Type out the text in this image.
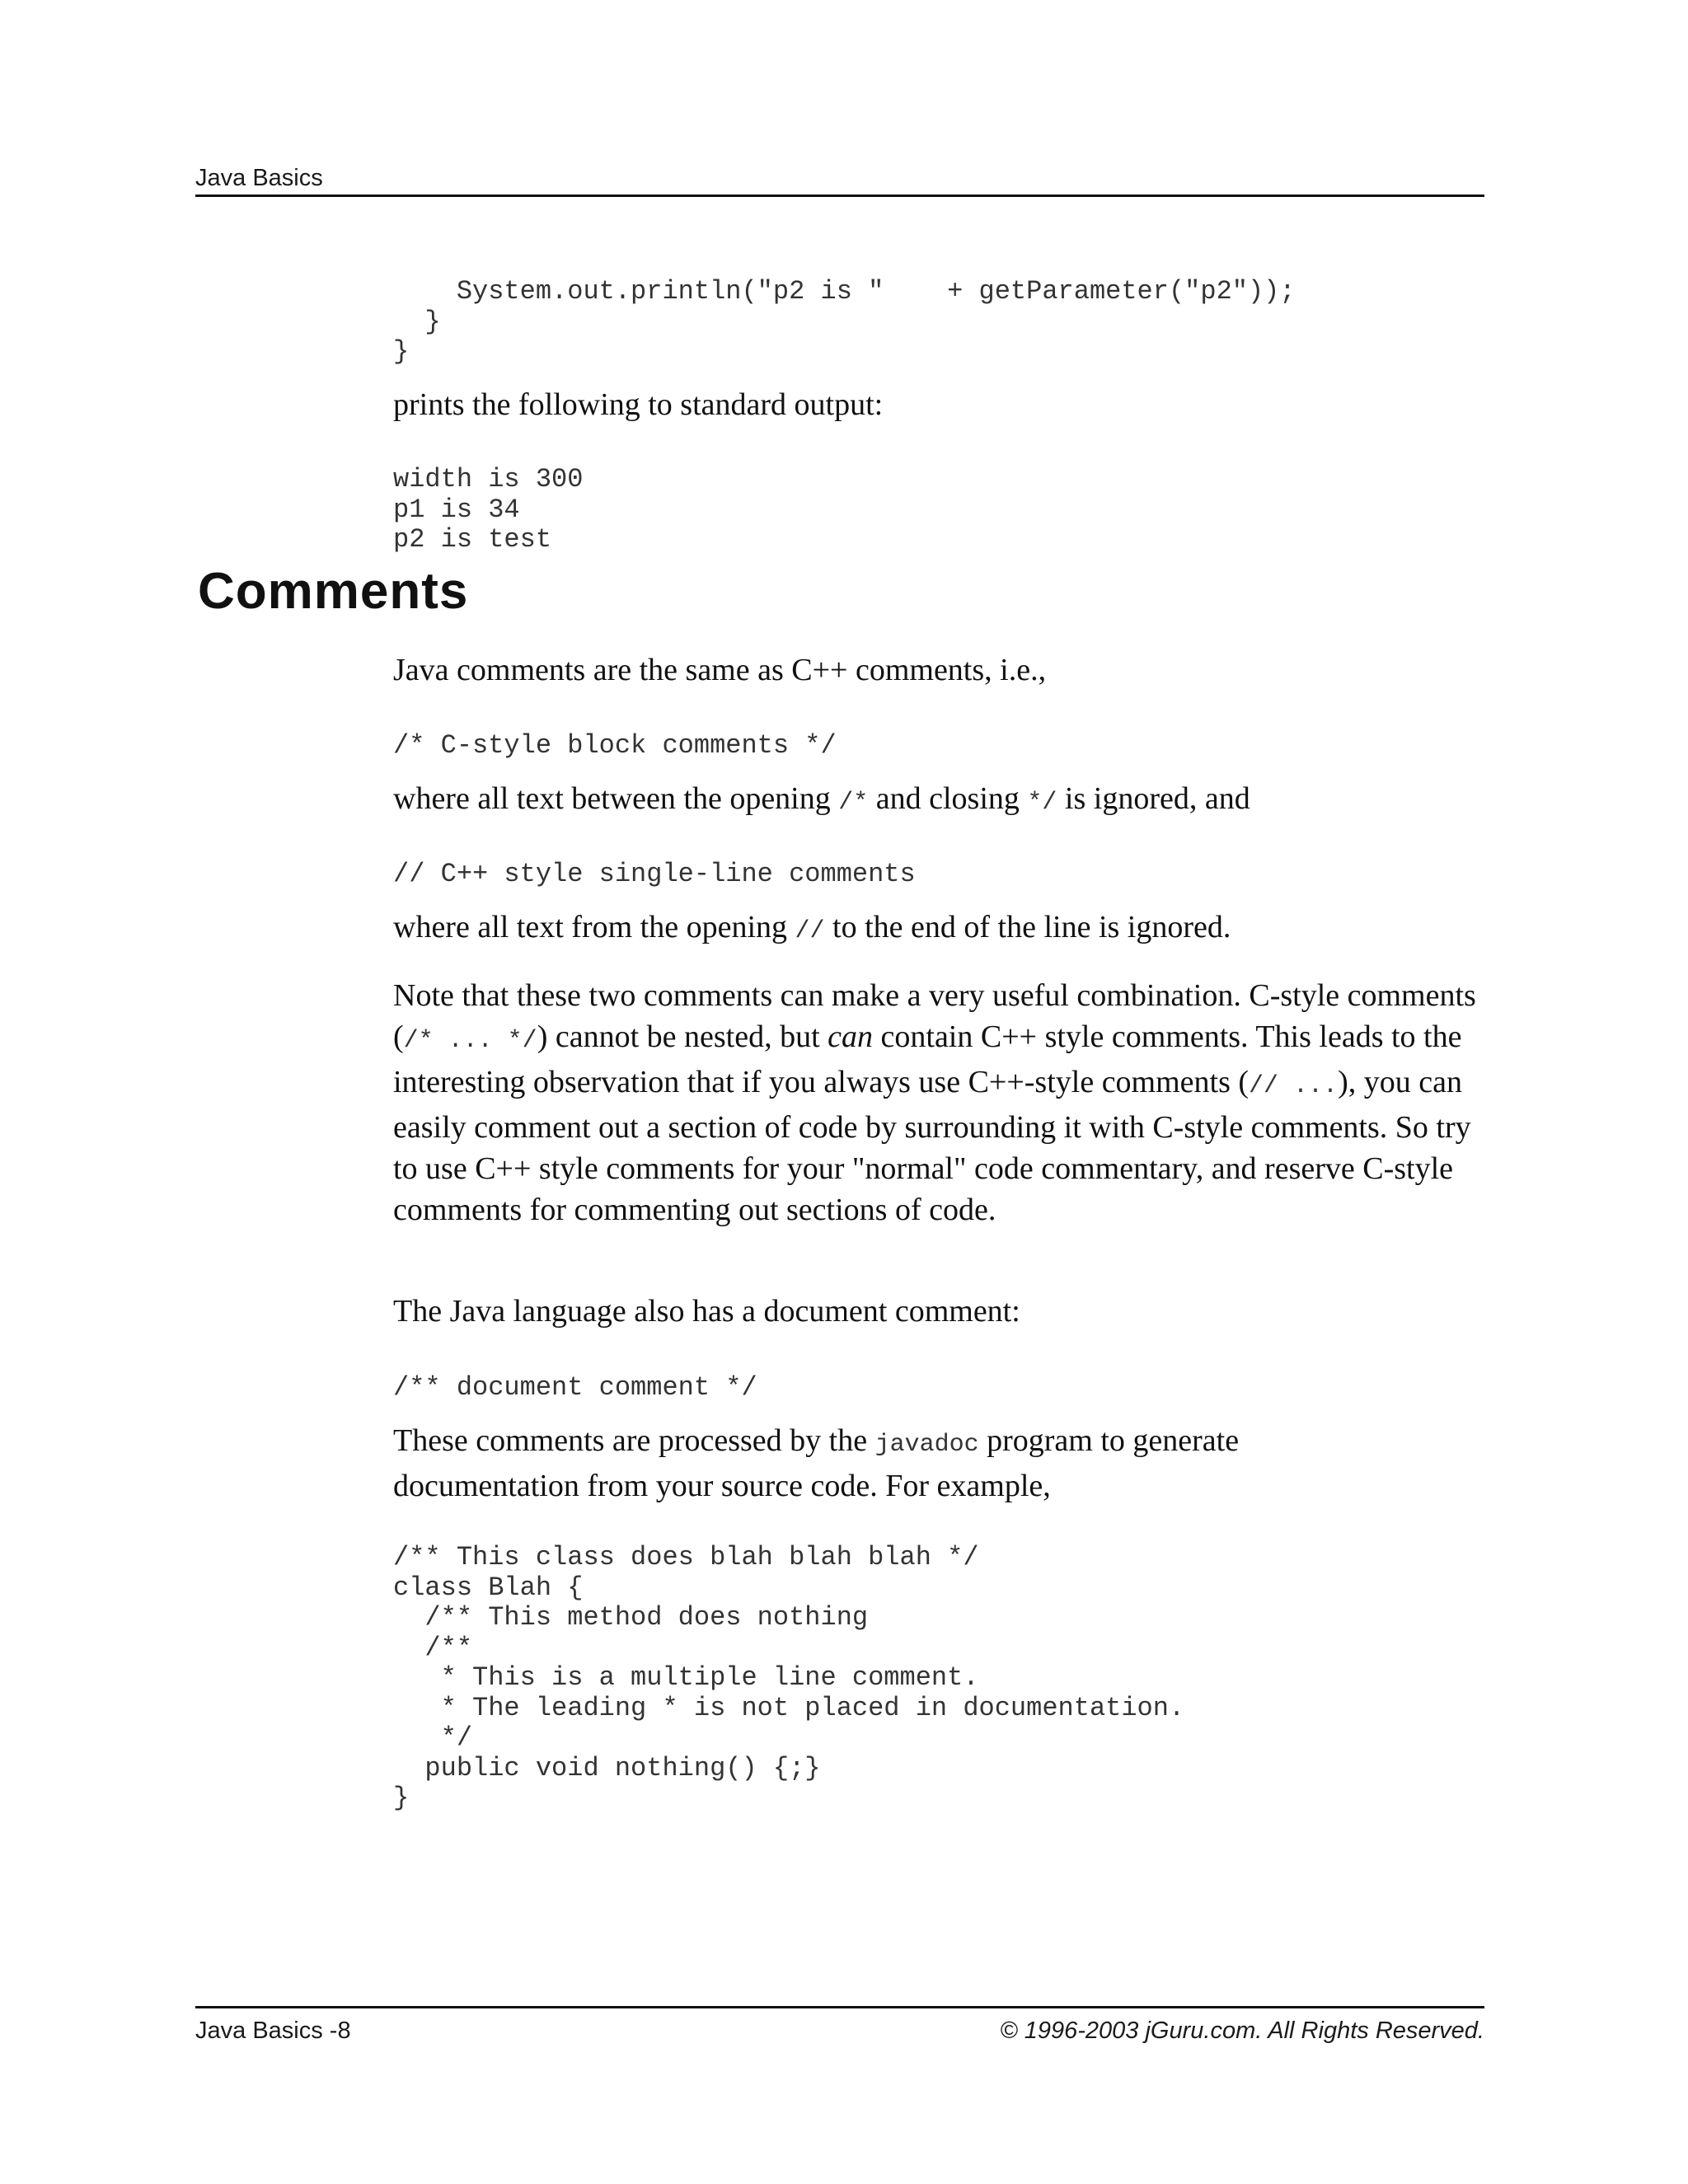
Java Basics
System.out.println("p2 is "    + getParameter("p2"));
}
}

prints the following to standard output:

width is 300
p1 is 34
p2 is test
Comments

Java comments are the same as C++ comments, i.e.,

/* C-style block comments */

where all text between the opening /* and closing */ is ignored, and

// C++ style single-line comments

where all text from the opening // to the end of the line is ignored.

Note that these two comments can make a very useful combination. C-style comments (/* ... */) cannot be nested, but can contain C++ style comments. This leads to the interesting observation that if you always use C++-style comments (// ...), you can easily comment out a section of code by surrounding it with C-style comments. So try to use C++ style comments for your "normal" code commentary, and reserve C-style comments for commenting out sections of code.

The Java language also has a document comment:

/** document comment */

These comments are processed by the javadoc program to generate documentation from your source code. For example,

/** This class does blah blah blah */
class Blah {
/** This method does nothing
/**
* This is a multiple line comment.
* The leading * is not placed in documentation.
*/
public void nothing() {;}
}
Java Basics -8	© 1996-2003 jGuru.com. All Rights Reserved.
